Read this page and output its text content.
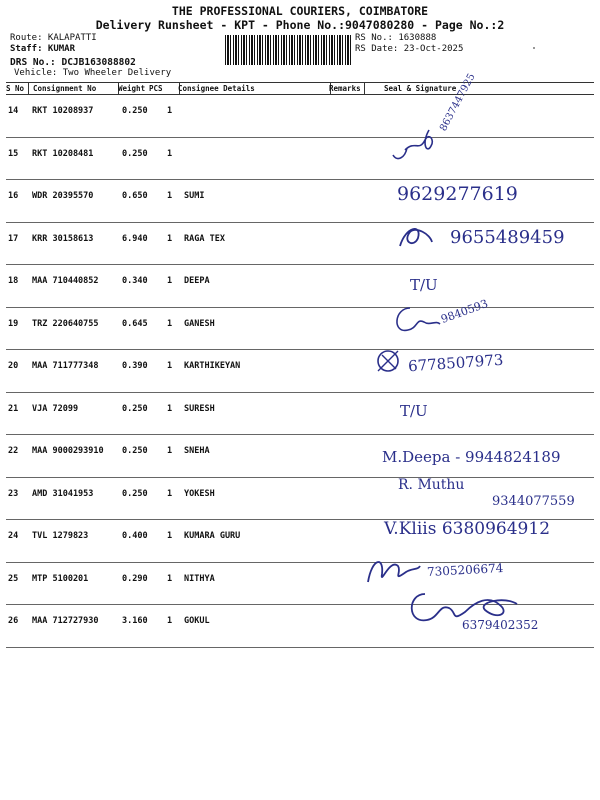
THE PROFESSIONAL COURIERS, COIMBATORE
Delivery Runsheet - KPT - Phone No.:9047080280 - Page No.:2
Route: KALAPATTI
Staff: KUMAR
DRS No.: DCJB163088802
Vehicle: Two Wheeler Delivery
RS No.: 1630888
RS Date: 23-Oct-2025
S No Consignment No	Weight PCS Consignee Details	Remarks	Seal & Signature
14 RKT 10208937	0.250 1
15 RKT 10208481	0.250 1
16 WDR 20395570	0.650 1 SUMI
17 KRR 30158613	6.940 1 RAGA TEX
18 MAA 710440852	0.340 1 DEEPA
19 TRZ 220640755	0.645 1 GANESH
20 MAA 711777348	0.390 1 KARTHIKEYAN
21 VJA 72099	0.250 1 SURESH
22 MAA 9000293910 0.250 1 SNEHA
23 AMD 31041953	0.250 1 YOKESH
24 TVL 1279823	0.400 1 KUMARA GURU
25 MTP 5100201	0.290 1 NITHYA
26 MAA 712727930	3.160 1 GOKUL
8637447925
9629277619
9655489459
T/U
9840593
6778507973
T/U
M.Deepa - 9944824189
R. Muthu
9344077559
V.Kliis 6380964912
7305206674
6379402352
